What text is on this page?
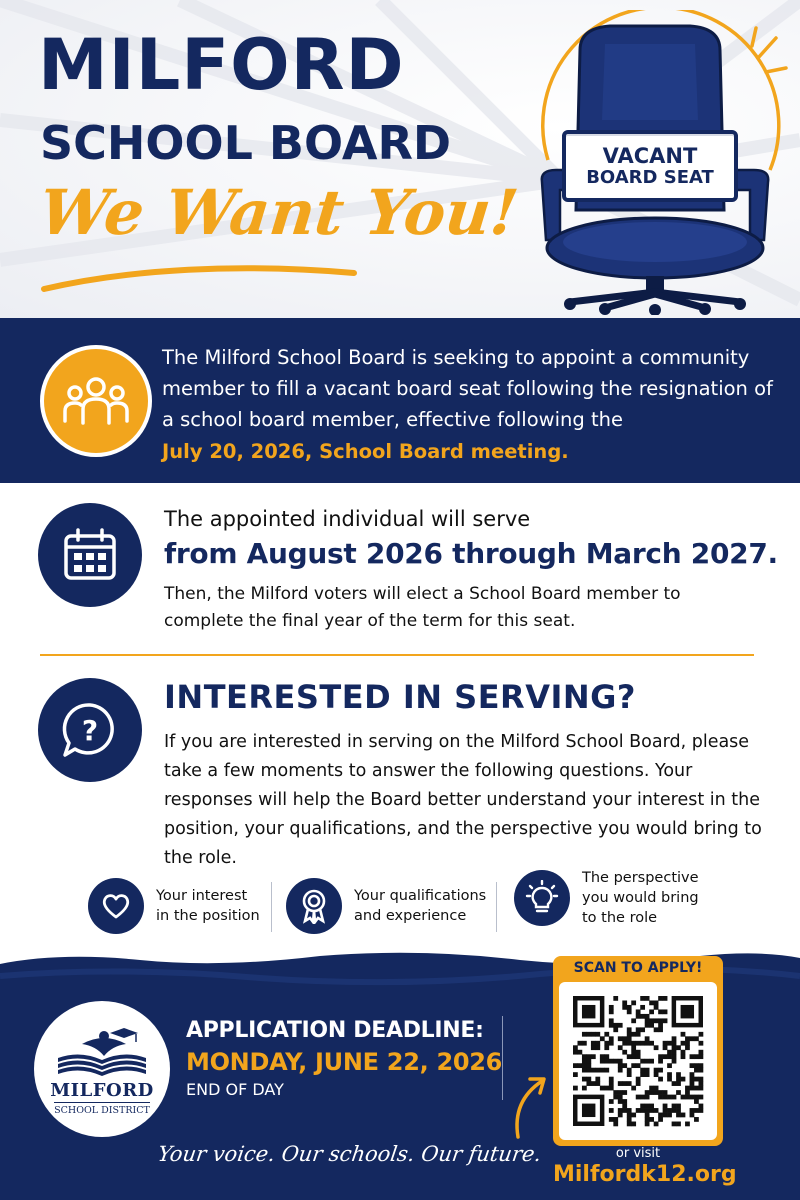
MILFORD
SCHOOL BOARD
We Want You!
VACANT
BOARD SEAT
The Milford School Board is seeking to appoint a community member to fill a vacant board seat following the resignation of a school board member, effective following the
July 20, 2026, School Board meeting.
The appointed individual will serve
from August 2026 through March 2027.
Then, the Milford voters will elect a School Board member to complete the final year of the term for this seat.
?
INTERESTED IN SERVING?
If you are interested in serving on the Milford School Board, please take a few moments to answer the following questions. Your responses will help the Board better understand your interest in the position, your qualifications, and the perspective you would bring to the role.
Your interest
in the position
Your qualifications
and experience
The perspective
you would bring
to the role
MILFORD
SCHOOL DISTRICT
APPLICATION DEADLINE:
MONDAY, JUNE 22, 2026
END OF DAY
Your voice. Our schools. Our future.
SCAN TO APPLY!
or visit
Milfordk12.org
